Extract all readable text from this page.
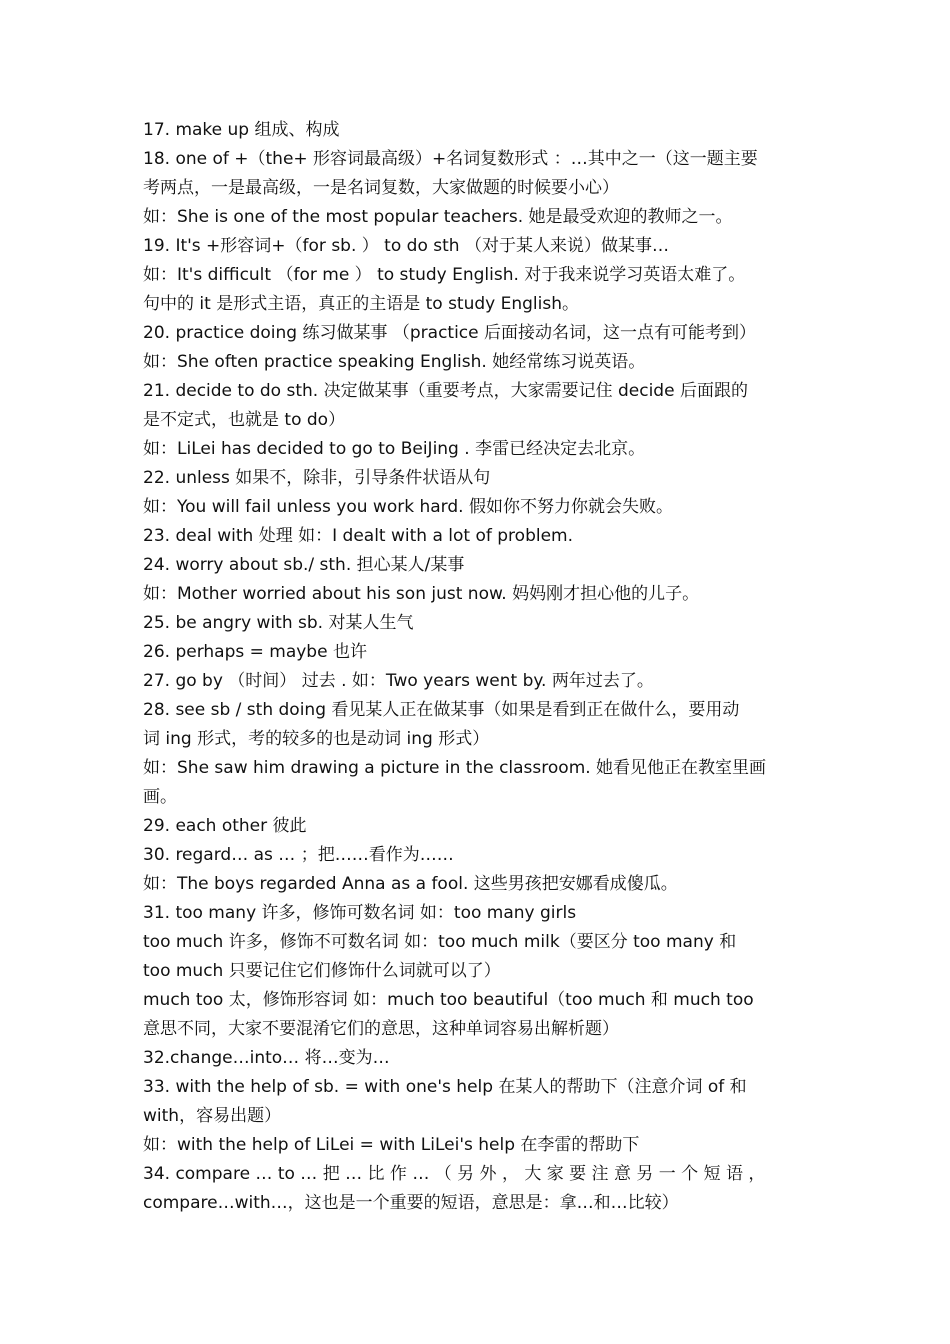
17. make up 组成、构成
18. one of +（the+ 形容词最高级）+名词复数形式 ：…其中之一（这一题主要
考两点，一是最高级，一是名词复数，大家做题的时候要小心）
如：She is one of the most popular teachers. 她是最受欢迎的教师之一。
19. It's +形容词+（for sb. ） to do sth （对于某人来说）做某事…
如：It's difficult （for me ） to study English. 对于我来说学习英语太难了。
句中的 it 是形式主语，真正的主语是 to study English。
20. practice doing 练习做某事 （practice 后面接动名词，这一点有可能考到）
如：She often practice speaking English. 她经常练习说英语。
21. decide to do sth. 决定做某事（重要考点，大家需要记住 decide 后面跟的
是不定式，也就是 to do）
如：LiLei has decided to go to BeiJing . 李雷已经决定去北京。
22. unless 如果不，除非，引导条件状语从句
如：You will fail unless you work hard. 假如你不努力你就会失败。
23. deal with 处理 如：I dealt with a lot of problem.
24. worry about sb./ sth. 担心某人/某事
如：Mother worried about his son just now. 妈妈刚才担心他的儿子。
25. be angry with sb. 对某人生气
26. perhaps = maybe 也许
27. go by （时间） 过去 . 如：Two years went by. 两年过去了。
28. see sb / sth doing 看见某人正在做某事（如果是看到正在做什么，要用动
词 ing 形式，考的较多的也是动词 ing 形式）
如：She saw him drawing a picture in the classroom. 她看见他正在教室里画
画。
29. each other 彼此
30. regard… as … ；把……看作为……
如：The boys regarded Anna as a fool. 这些男孩把安娜看成傻瓜。
31. too many 许多，修饰可数名词 如：too many girls
too much 许多，修饰不可数名词 如：too much milk（要区分 too many 和
too much 只要记住它们修饰什么词就可以了）
much too 太，修饰形容词 如：much too beautiful（too much 和 much too
意思不同，大家不要混淆它们的意思，这种单词容易出解析题）
32.change…into… 将…变为…
33. with the help of sb. = with one's help 在某人的帮助下（注意介词 of 和
with，容易出题）
如：with the help of LiLei = with LiLei's help 在李雷的帮助下
34. compare … to … 把 … 比 作 … （ 另 外 ， 大 家 要 注 意 另 一 个 短 语 ，
compare…with…，这也是一个重要的短语，意思是：拿…和…比较）
